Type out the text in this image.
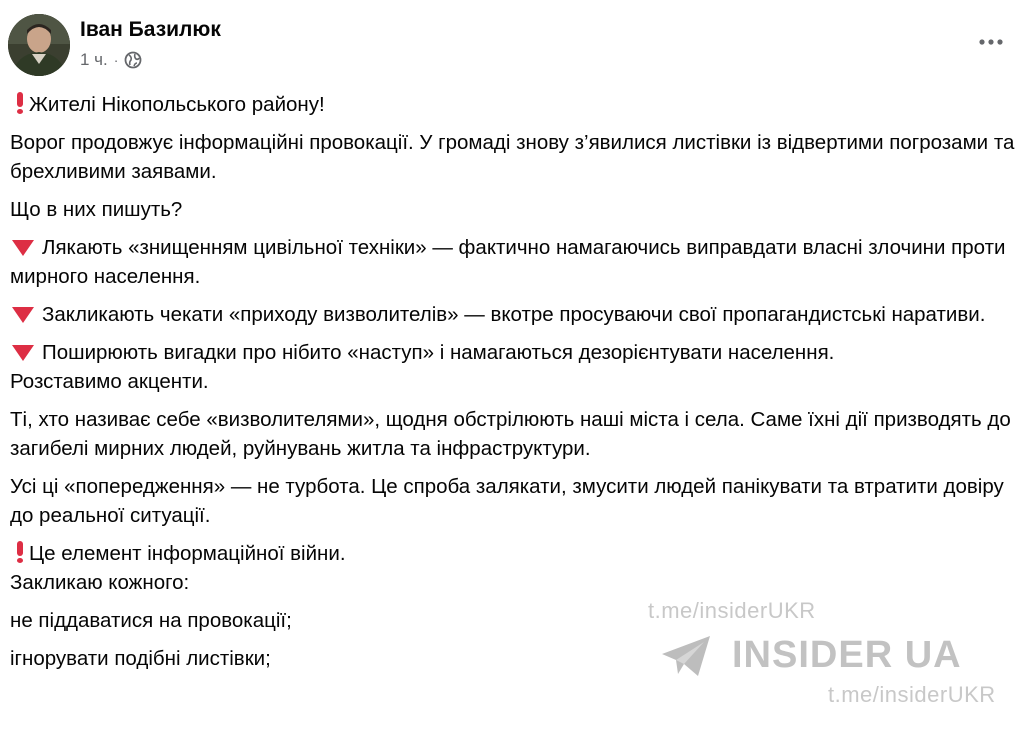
Іван Базилюк
1 ч. ·

Жителі Нікопольського району!

Ворог продовжує інформаційні провокації. У громаді знову з’явилися листівки із відвертими погрозами та брехливими заявами.

Що в них пишуть?

Лякають «знищенням цивільної техніки» — фактично намагаючись виправдати власні злочини проти мирного населення.

Закликають чекати «приходу визволителів» — вкотре просуваючи свої пропагандистські наративи.

Поширюють вигадки про нібито «наступ» і намагаються дезорієнтувати населення.
Розставимо акценти.

Ті, хто називає себе «визволителями», щодня обстрілюють наші міста і села. Саме їхні дії призводять до загибелі мирних людей, руйнувань житла та інфраструктури.

Усі ці «попередження» — не турбота. Це спроба залякати, змусити людей панікувати та втратити довіру до реальної ситуації.

Це елемент інформаційної війни.
Закликаю кожного:

не піддаватися на провокації;

ігнорувати подібні листівки;

t.me/insiderUKR
INSIDER UA
t.me/insiderUKR
